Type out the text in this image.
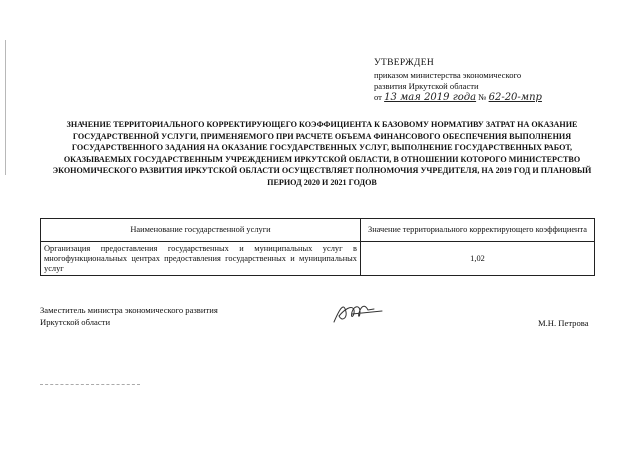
УТВЕРЖДЕН
приказом министерства экономического
развития Иркутской области
от 13 мая 2019 года № 62-20-мпр
ЗНАЧЕНИЕ ТЕРРИТОРИАЛЬНОГО КОРРЕКТИРУЮЩЕГО КОЭФФИЦИЕНТА К БАЗОВОМУ НОРМАТИВУ ЗАТРАТ НА ОКАЗАНИЕ ГОСУДАРСТВЕННОЙ УСЛУГИ, ПРИМЕНЯЕМОГО ПРИ РАСЧЕТЕ ОБЪЕМА ФИНАНСОВОГО ОБЕСПЕЧЕНИЯ ВЫПОЛНЕНИЯ ГОСУДАРСТВЕННОГО ЗАДАНИЯ НА ОКАЗАНИЕ ГОСУДАРСТВЕННЫХ УСЛУГ, ВЫПОЛНЕНИЕ ГОСУДАРСТВЕННЫХ РАБОТ, ОКАЗЫВАЕМЫХ ГОСУДАРСТВЕННЫМ УЧРЕЖДЕНИЕМ ИРКУТСКОЙ ОБЛАСТИ, В ОТНОШЕНИИ КОТОРОГО МИНИСТЕРСТВО ЭКОНОМИЧЕСКОГО РАЗВИТИЯ ИРКУТСКОЙ ОБЛАСТИ ОСУЩЕСТВЛЯЕТ ПОЛНОМОЧИЯ УЧРЕДИТЕЛЯ, НА 2019 ГОД И ПЛАНОВЫЙ ПЕРИОД 2020 И 2021 ГОДОВ
Наименование государственной услуги	Значение территориального корректирующего коэффициента
Организация предоставления государственных и муниципальных услуг в многофункциональных центрах предоставления государственных и муниципальных услуг	1,02
Заместитель министра экономического развития
Иркутской области	М.Н. Петрова
